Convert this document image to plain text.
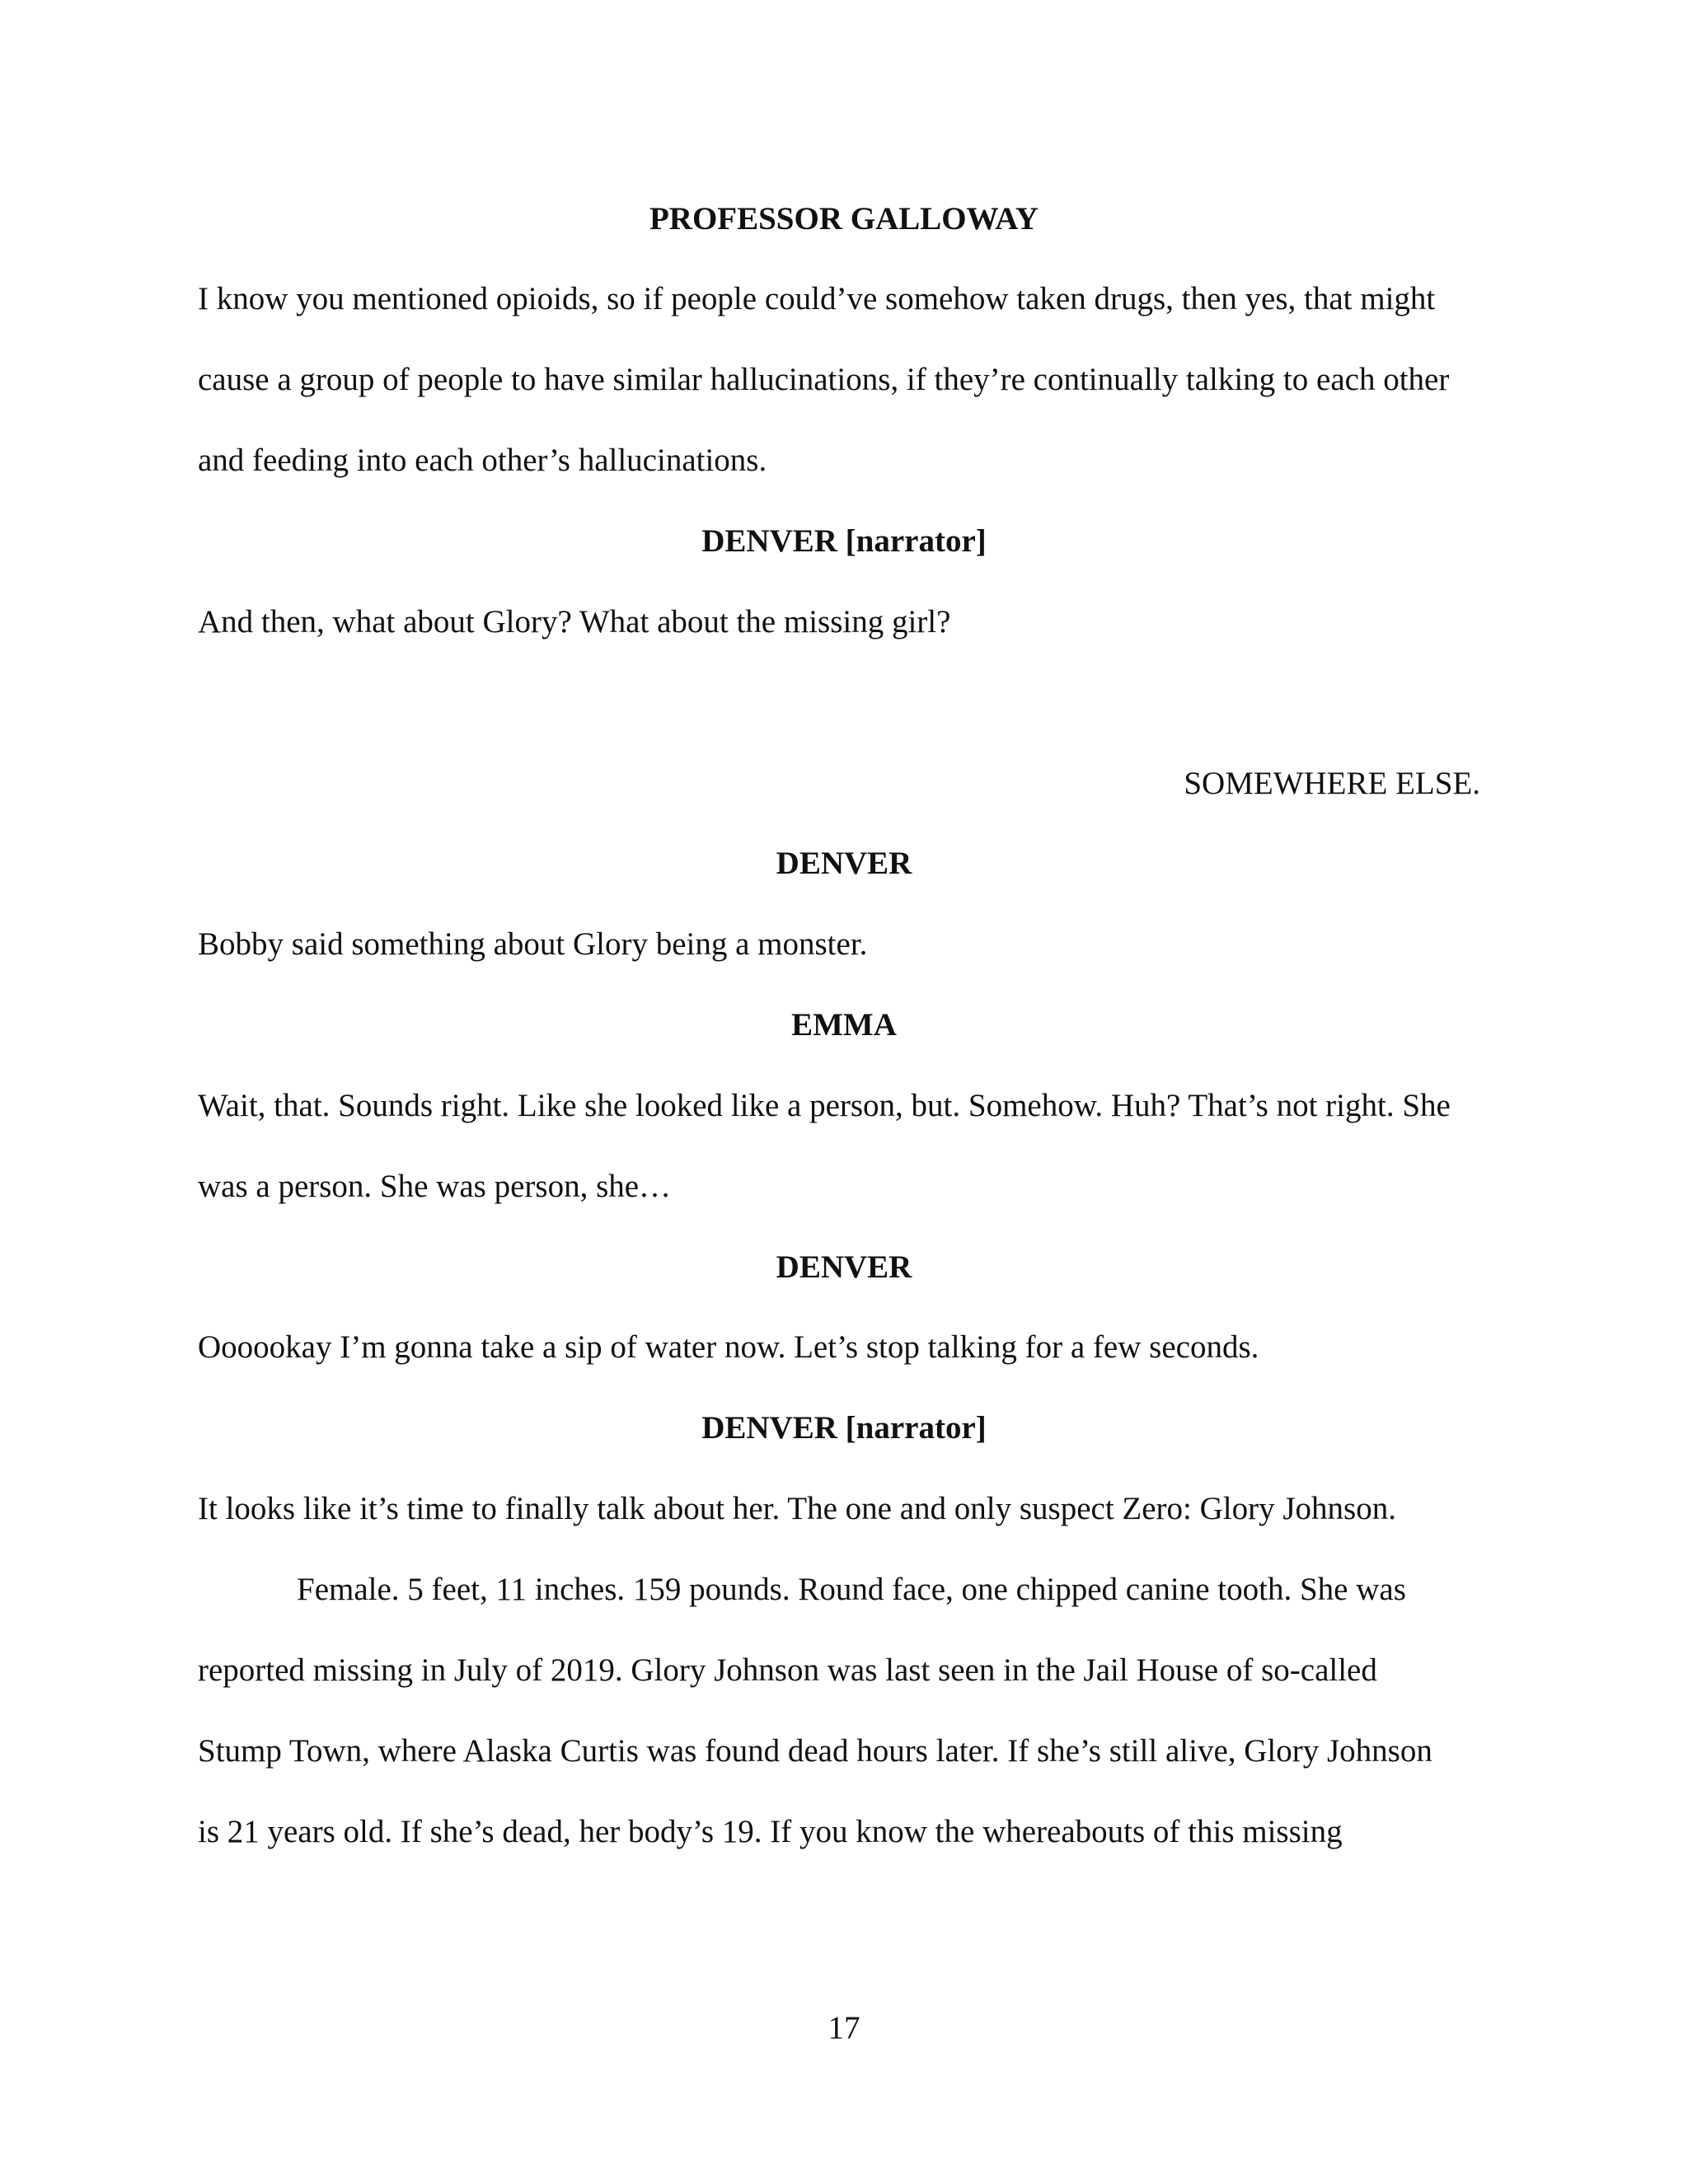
PROFESSOR GALLOWAY

I know you mentioned opioids, so if people could’ve somehow taken drugs, then yes, that might

cause a group of people to have similar hallucinations, if they’re continually talking to each other

and feeding into each other’s hallucinations.

DENVER [narrator]

And then, what about Glory? What about the missing girl?

SOMEWHERE ELSE.

DENVER

Bobby said something about Glory being a monster.

EMMA

Wait, that. Sounds right. Like she looked like a person, but. Somehow. Huh? That’s not right. She

was a person. She was person, she…

DENVER

Oooookay I’m gonna take a sip of water now. Let’s stop talking for a few seconds.

DENVER [narrator]

It looks like it’s time to finally talk about her. The one and only suspect Zero: Glory Johnson.

Female. 5 feet, 11 inches. 159 pounds. Round face, one chipped canine tooth. She was

reported missing in July of 2019. Glory Johnson was last seen in the Jail House of so-called

Stump Town, where Alaska Curtis was found dead hours later. If she’s still alive, Glory Johnson

is 21 years old. If she’s dead, her body’s 19. If you know the whereabouts of this missing

17
